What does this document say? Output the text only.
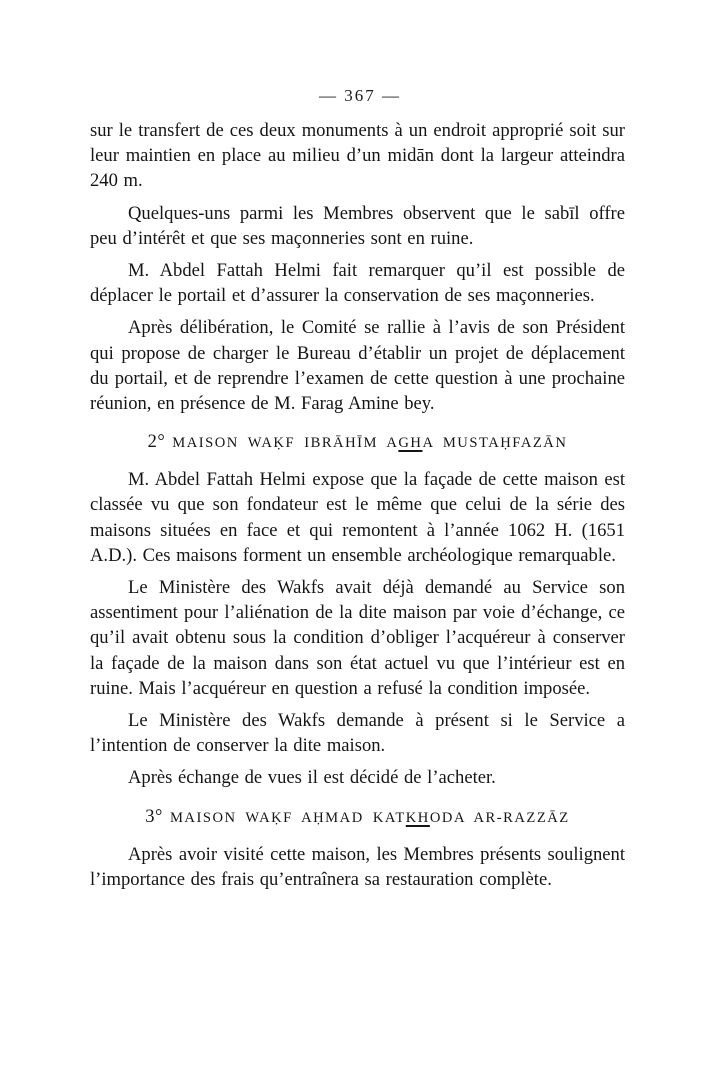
— 367 —

sur le transfert de ces deux monuments à un endroit approprié soit sur leur maintien en place au milieu d’un midān dont la largeur atteindra 240 m.

Quelques-uns parmi les Membres observent que le sabīl offre peu d’intérêt et que ses maçonneries sont en ruine.

M. Abdel Fattah Helmi fait remarquer qu’il est possible de déplacer le portail et d’assurer la conservation de ses maçonneries.

Après délibération, le Comité se rallie à l’avis de son Président qui propose de charger le Bureau d’établir un projet de déplacement du portail, et de reprendre l’examen de cette question à une prochaine réunion, en présence de M. Farag Amine bey.

2° MAISON WAḲF IBRĀHĪM AGHA MUSTAḤFAZĀN

M. Abdel Fattah Helmi expose que la façade de cette maison est classée vu que son fondateur est le même que celui de la série des maisons situées en face et qui remontent à l’année 1062 H. (1651 A.D.). Ces maisons forment un ensemble archéologique remarquable.

Le Ministère des Wakfs avait déjà demandé au Service son assentiment pour l’aliénation de la dite maison par voie d’échange, ce qu’il avait obtenu sous la condition d’obliger l’acquéreur à conserver la façade de la maison dans son état actuel vu que l’intérieur est en ruine. Mais l’acquéreur en question a refusé la condition imposée.

Le Ministère des Wakfs demande à présent si le Service a l’intention de conserver la dite maison.

Après échange de vues il est décidé de l’acheter.

3° MAISON WAḲF AḤMAD KATKHODA AR-RAZZĀZ

Après avoir visité cette maison, les Membres présents soulignent l’importance des frais qu’entraînera sa restauration complète.
